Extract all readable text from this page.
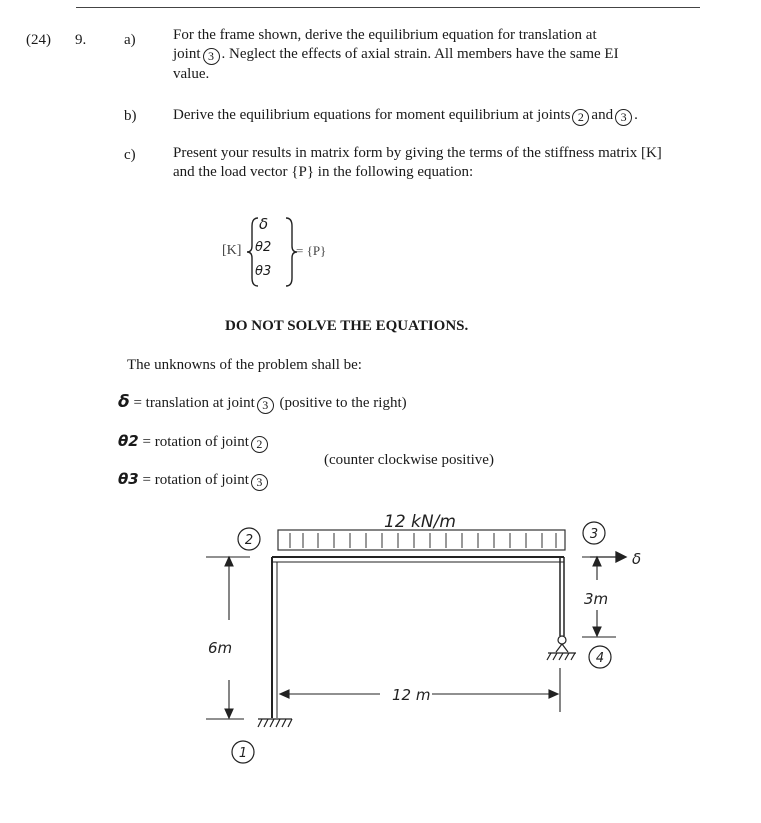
(24) 9.	a) For the frame shown, derive the equilibrium equation for translation at
joint 3 . Neglect the effects of axial strain. All members have the same EI
value.
b) Derive the equilibrium equations for moment equilibrium at joints 2 and 3 .
c) Present your results in matrix form by giving the terms of the stiffness matrix [K]
and the load vector {P} in the following equation:
[K]
δ
θ2
θ3
= {P}
DO NOT SOLVE THE EQUATIONS.
The unknowns of the problem shall be:
δ = translation at joint 3 (positive to the right)
θ2 = rotation of joint 2
θ3 = rotation of joint 3
(counter clockwise positive)
6m
3m
12 m
12 kN/m
δ
1
2	3
4
